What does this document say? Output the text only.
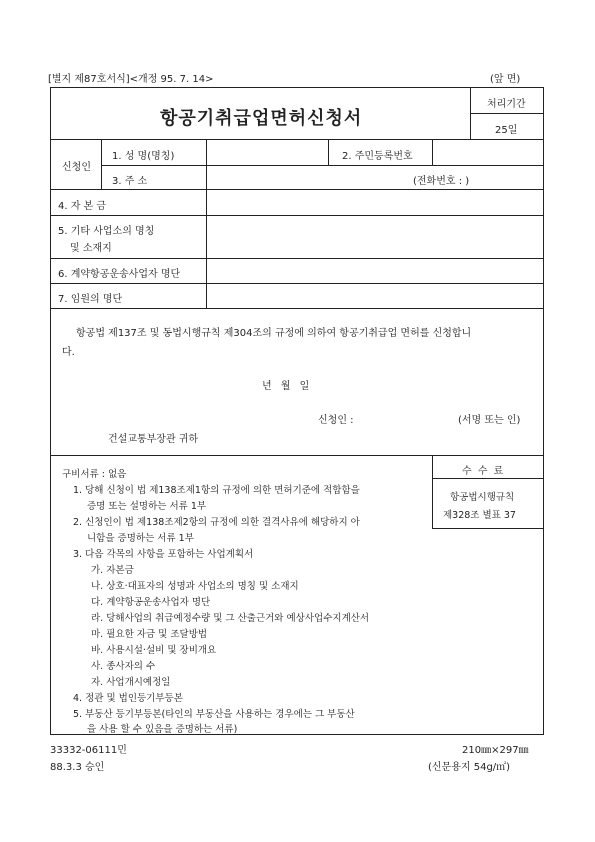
[별지 제87호서식]<개정 95. 7. 14>	(앞 면)
항공기취급업면허신청서
처리기간
25일
신청인
1. 성 명(명칭)	2. 주민등록번호
3. 주 소	(전화번호 : )
4. 자 본 금
5. 기타 사업소의 명칭
및 소재지
6. 계약항공운송사업자 명단
7. 임원의 명단
항공법 제137조 및 동법시행규칙 제304조의 규정에 의하여 항공기취급업 면허를 신청합니
다.
년 월 일
신청인 :	(서명 또는 인)
건설교통부장관 귀하
구비서류 : 없음
1. 당해 신청이 법 제138조제1항의 규정에 의한 면허기준에 적합함을
증명 또는 설명하는 서류 1부
2. 신청인이 법 제138조제2항의 규정에 의한 결격사유에 해당하지 아
니함을 증명하는 서류 1부
3. 다음 각목의 사항을 포함하는 사업계획서
가. 자본금
나. 상호·대표자의 성명과 사업소의 명칭 및 소재지
다. 계약항공운송사업자 명단
라. 당해사업의 취급예정수량 및 그 산출근거와 예상사업수지계산서
마. 필요한 자금 및 조달방법
바. 사용시설·설비 및 장비개요
사. 종사자의 수
자. 사업개시예정일
4. 정관 및 법인등기부등본
5. 부동산 등기부등본(타인의 부동산을 사용하는 경우에는 그 부동산
을 사용 할 수 있음을 증명하는 서류)
수 수 료
항공법시행규칙
제328조 별표 37
33332-06111민
88.3.3 승인
210㎜×297㎜
(신문용지 54g/㎡)
